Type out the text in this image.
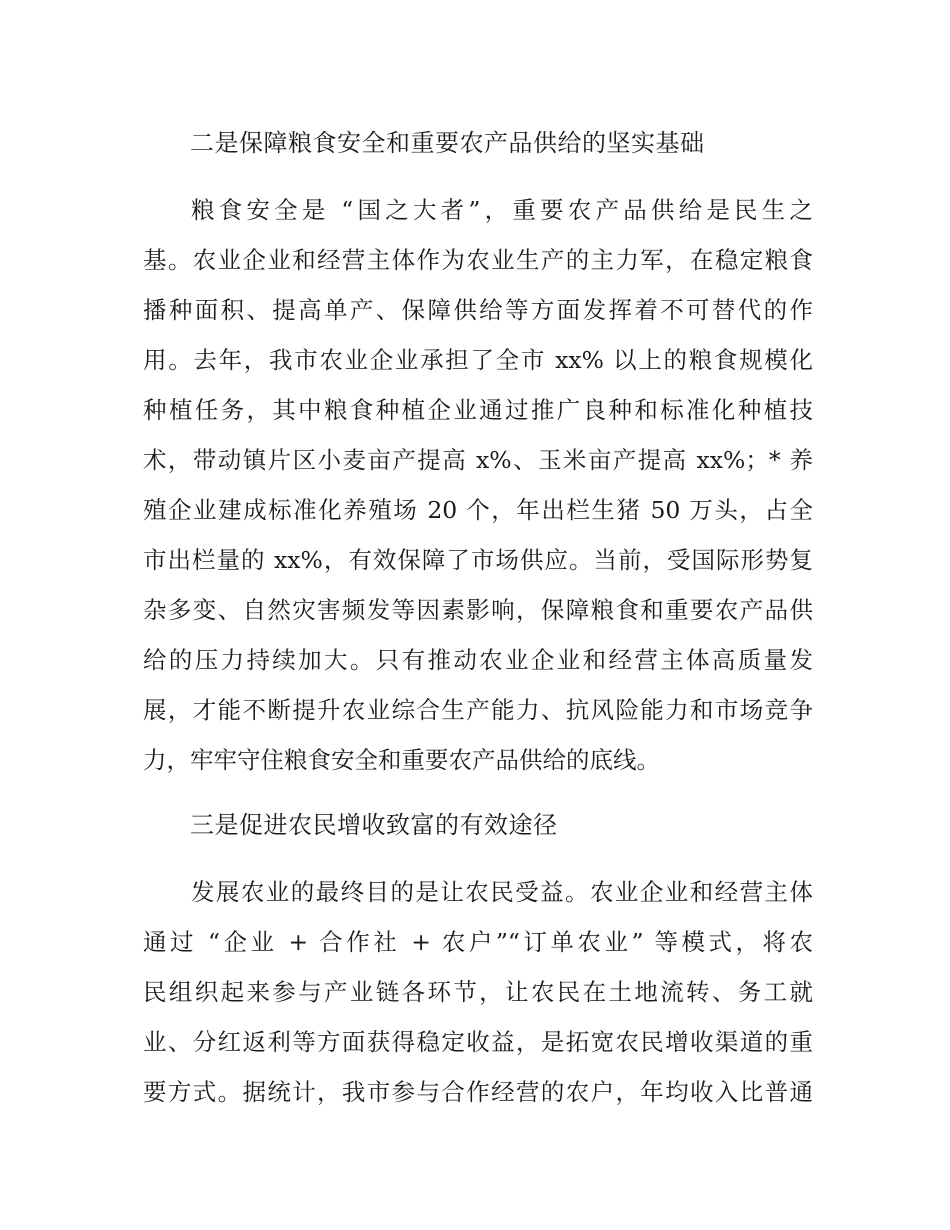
二是保障粮食安全和重要农产品供给的坚实基础
粮食安全是 “国之大者”，重要农产品供给是民生之
基。农业企业和经营主体作为农业生产的主力军，在稳定粮食
播种面积、提高单产、保障供给等方面发挥着不可替代的作
用。去年，我市农业企业承担了全市 xx% 以上的粮食规模化
种植任务，其中粮食种植企业通过推广良种和标准化种植技
术，带动镇片区小麦亩产提高 x%、玉米亩产提高 xx%；* 养
殖企业建成标准化养殖场 20 个，年出栏生猪 50 万头，占全
市出栏量的 xx%，有效保障了市场供应。当前，受国际形势复
杂多变、自然灾害频发等因素影响，保障粮食和重要农产品供
给的压力持续加大。只有推动农业企业和经营主体高质量发
展，才能不断提升农业综合生产能力、抗风险能力和市场竞争
力，牢牢守住粮食安全和重要农产品供给的底线。
三是促进农民增收致富的有效途径
发展农业的最终目的是让农民受益。农业企业和经营主体
通过 “企业 + 合作社 + 农户”“订单农业” 等模式，将农
民组织起来参与产业链各环节，让农民在土地流转、务工就
业、分红返利等方面获得稳定收益，是拓宽农民增收渠道的重
要方式。据统计，我市参与合作经营的农户，年均收入比普通
